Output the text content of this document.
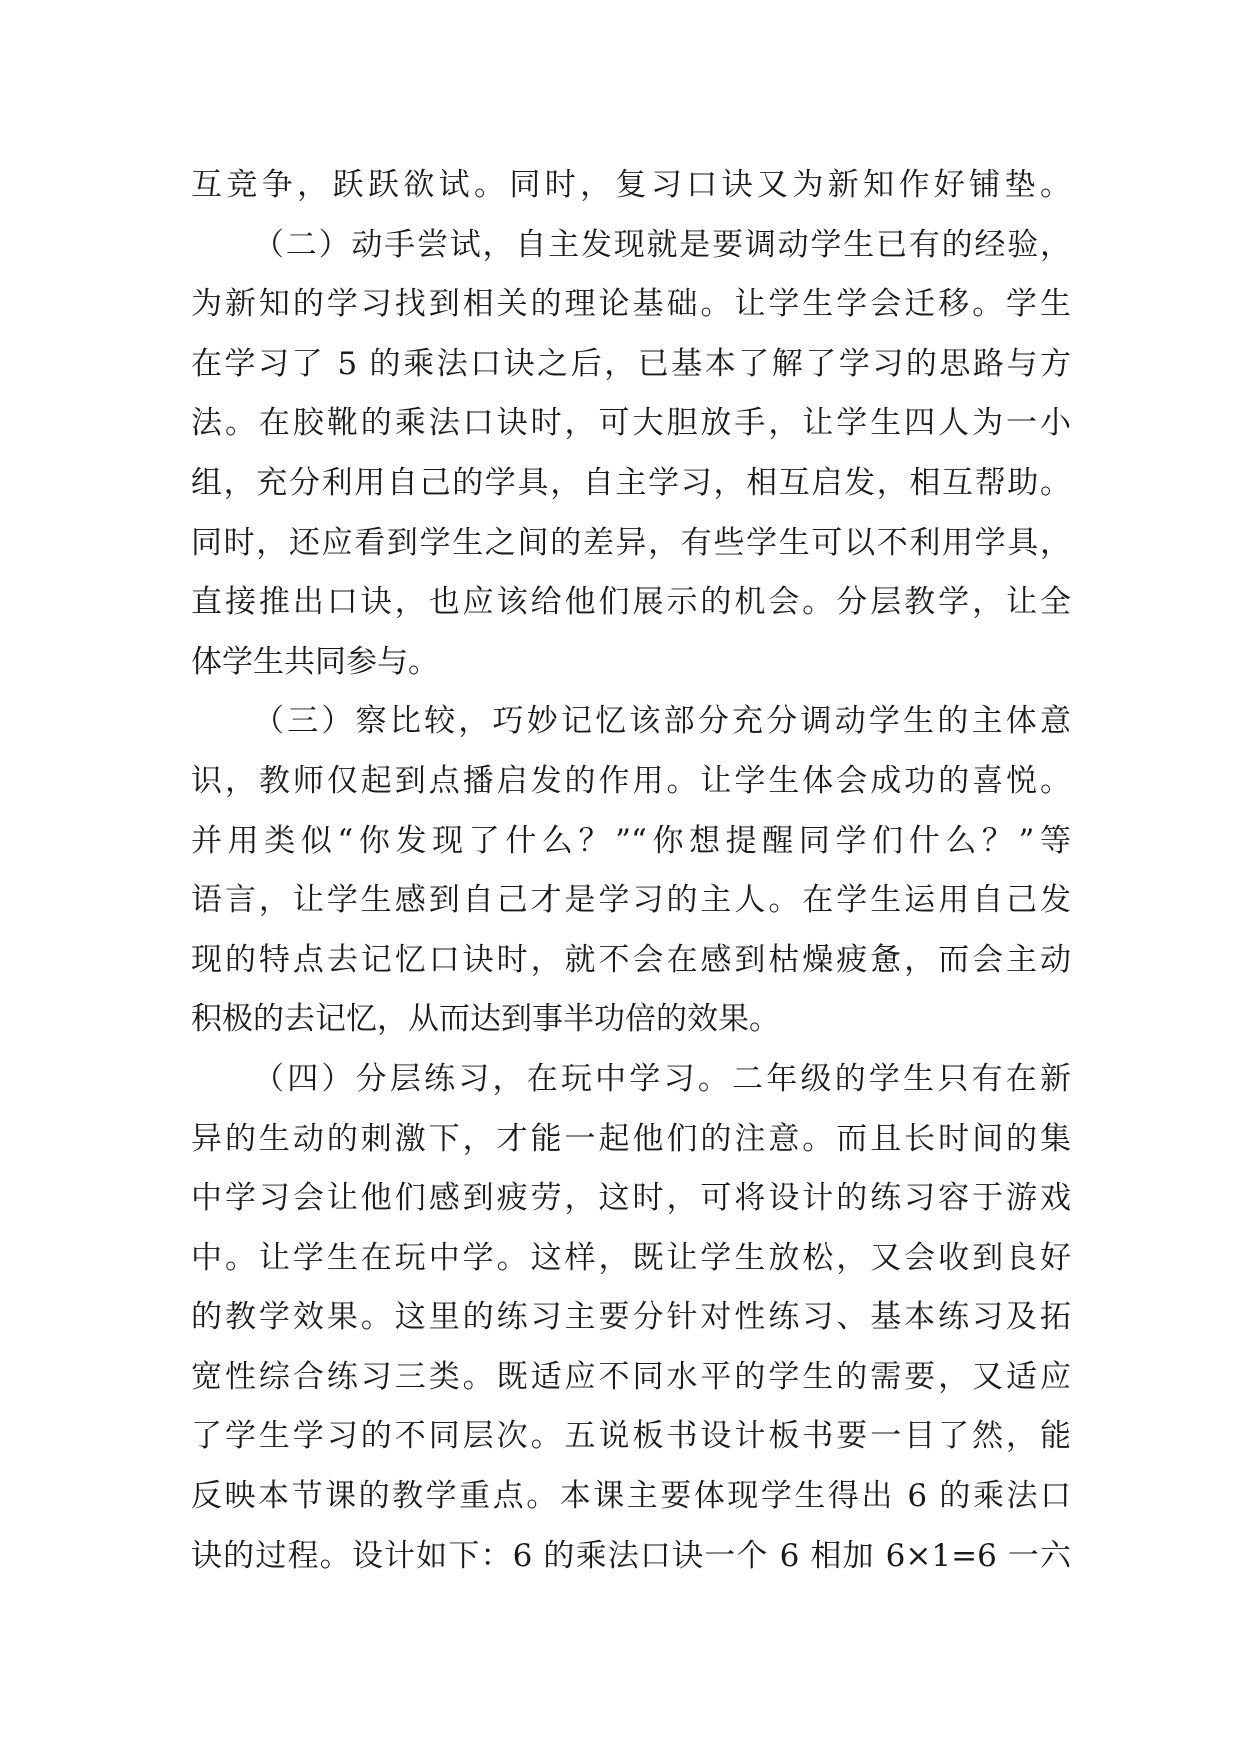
互竞争，跃跃欲试。同时，复习口诀又为新知作好铺垫。
（二）动手尝试，自主发现就是要调动学生已有的经验，
为新知的学习找到相关的理论基础。让学生学会迁移。学生
在学习了 5 的乘法口诀之后，已基本了解了学习的思路与方
法。在胶靴的乘法口诀时，可大胆放手，让学生四人为一小
组，充分利用自己的学具，自主学习，相互启发，相互帮助。
同时，还应看到学生之间的差异，有些学生可以不利用学具，
直接推出口诀，也应该给他们展示的机会。分层教学，让全
体学生共同参与。
（三）察比较，巧妙记忆该部分充分调动学生的主体意
识，教师仅起到点播启发的作用。让学生体会成功的喜悦。
并用类似“你发现了什么？”“你想提醒同学们什么？”等
语言，让学生感到自己才是学习的主人。在学生运用自己发
现的特点去记忆口诀时，就不会在感到枯燥疲惫，而会主动
积极的去记忆，从而达到事半功倍的效果。
（四）分层练习，在玩中学习。二年级的学生只有在新
异的生动的刺激下，才能一起他们的注意。而且长时间的集
中学习会让他们感到疲劳，这时，可将设计的练习容于游戏
中。让学生在玩中学。这样，既让学生放松，又会收到良好
的教学效果。这里的练习主要分针对性练习、基本练习及拓
宽性综合练习三类。既适应不同水平的学生的需要，又适应
了学生学习的不同层次。五说板书设计板书要一目了然，能
反映本节课的教学重点。本课主要体现学生得出 6 的乘法口
诀的过程。设计如下：6 的乘法口诀一个 6 相加 6×1=6 一六
